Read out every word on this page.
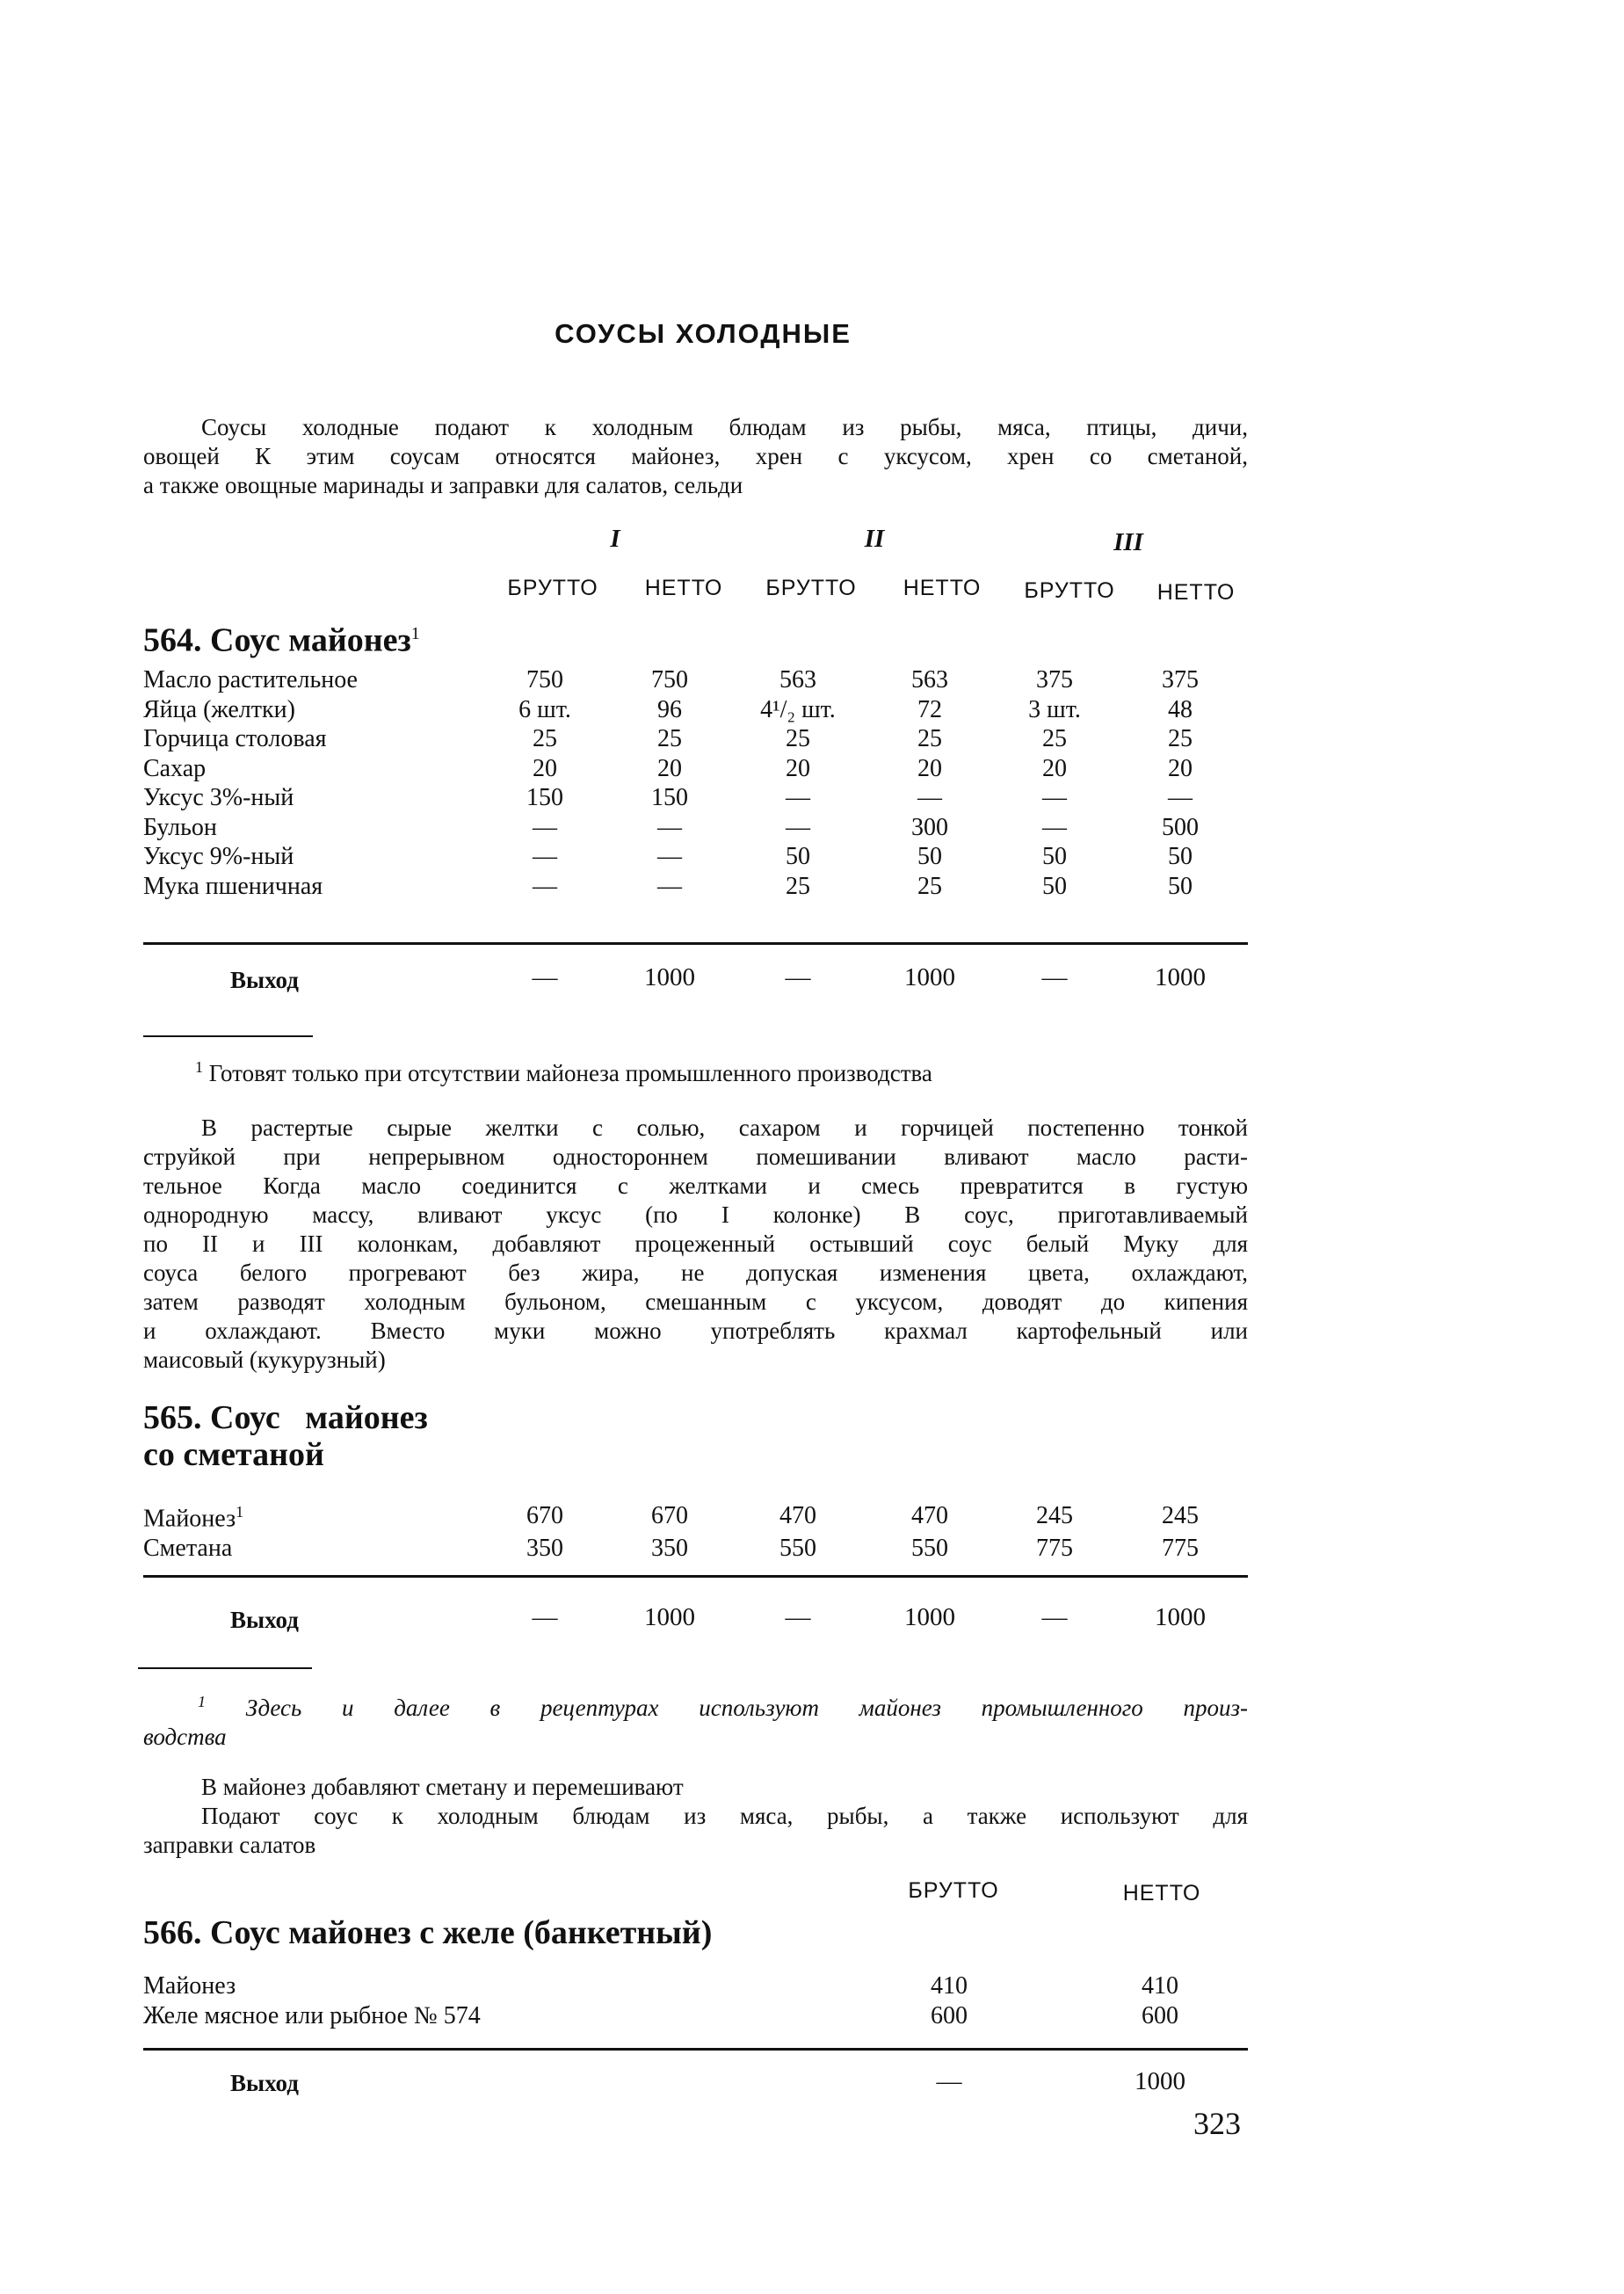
СОУСЫ ХОЛОДНЫЕ
Соусы холодные подают к холодным блюдам из рыбы, мяса, птицы, дичи,
овощей К этим соусам относятся майонез, хрен с уксусом, хрен со сметаной,
а также овощные маринады и заправки для салатов, сельди
I	II	III
БРУТТО	НЕТТО	БРУТТО	НЕТТО	БРУТТО	НЕТТО
564. Соус майонез$^1$
Масло растительное	750		750		563		563		375		375
Яйца (желтки)	6 шт.		96		4¹/₂ шт.		72		3 шт.		48
Горчица столовая	25		25		25		25		25		25
Сахар	20		20		20		20		20		20
Уксус 3%-ный	150		150		—		—		—		—
Бульон	—		—		—		300		—		500
Уксус 9%-ный	—		—		50		50		50		50
Мука пшеничная	—		—		25		25		50		50
Выход	—	1000	—	1000	—	1000
$^1$ Готовят только при отсутствии майонеза промышленного производства
В растертые сырые желтки с солью, сахаром и горчицей постепенно тонкой
струйкой при непрерывном одностороннем помешивании вливают масло расти-
тельное Когда масло соединится с желтками и смесь превратится в густую
однородную массу, вливают уксус (по I колонке) В соус, приготавливаемый
по II и III колонкам, добавляют процеженный остывший соус белый Муку для
соуса белого прогревают без жира, не допуская изменения цвета, охлаждают,
затем разводят холодным бульоном, смешанным с уксусом, доводят до кипения
и охлаждают. Вместо муки можно употреблять крахмал картофельный или
маисовый (кукурузный)
565. Соус   майонез
со сметаной
Майонез$^1$	670		670		470		470		245		245
Сметана	350		350		550		550		775		775
Выход	—	1000	—	1000	—	1000
$^1$ Здесь и далее в рецептурах используют майонез промышленного произ-
водства
В майонез добавляют сметану и перемешивают
Подают соус к холодным блюдам из мяса, рыбы, а также используют для
заправки салатов
БРУТТО	НЕТТО
566. Соус майонез с желе (банкетный)
Майонез	410		410
Желе мясное или рыбное № 574	600		600
Выход	—	1000
323
